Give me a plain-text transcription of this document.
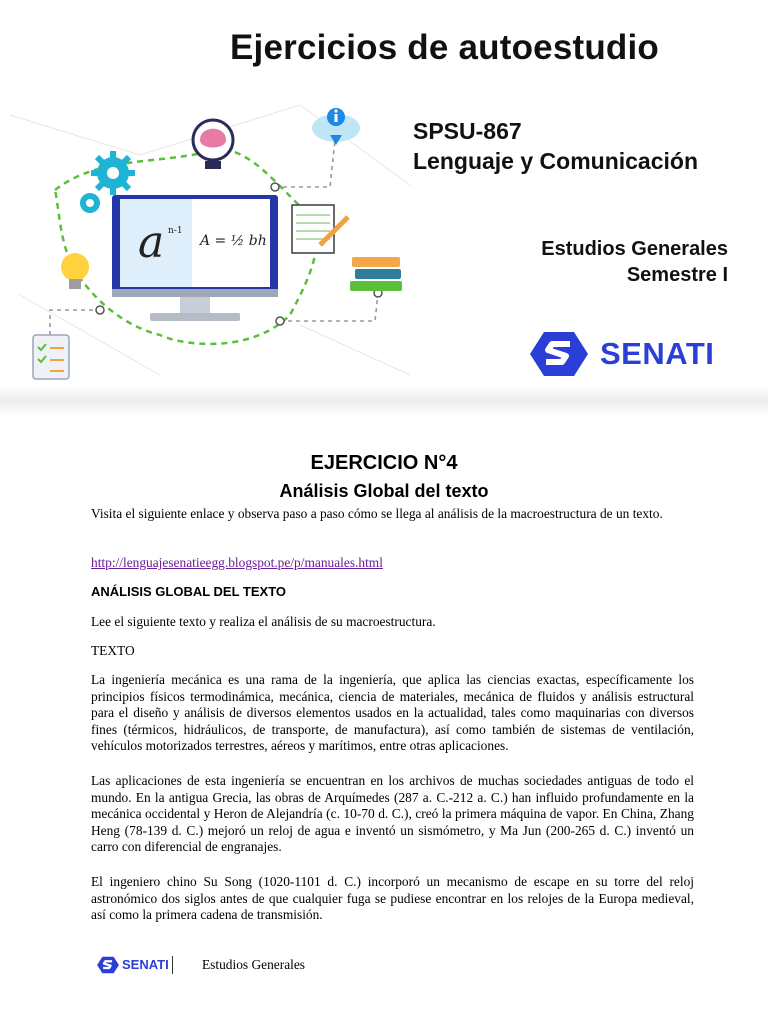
Ejercicios de autoestudio
a n-1
A = ½ bh
SPSU-867
Lenguaje y Comunicación
Estudios Generales
Semestre I
SENATI
EJERCICIO N°4
Análisis Global del texto
Visita el siguiente enlace y observa paso a paso cómo se llega al análisis de la macroestructura de un texto.
http://lenguajesenatieegg.blogspot.pe/p/manuales.html
ANÁLISIS GLOBAL DEL TEXTO
Lee el siguiente texto y realiza el análisis de su macroestructura.
TEXTO
La ingeniería mecánica es una rama de la ingeniería, que aplica las ciencias exactas, específicamente los principios físicos termodinámica, mecánica, ciencia de materiales, mecánica de fluidos y análisis estructural para el diseño y análisis de diversos elementos usados en la actualidad, tales como maquinarias con diversos fines (térmicos, hidráulicos, de transporte, de manufactura), así como también de sistemas de ventilación, vehículos motorizados terrestres, aéreos y marítimos, entre otras aplicaciones.
Las aplicaciones de esta ingeniería se encuentran en los archivos de muchas sociedades antiguas de todo el mundo. En la antigua Grecia, las obras de Arquímedes (287 a. C.-212 a. C.) han influido profundamente en la mecánica occidental y Heron de Alejandría (c. 10-70 d. C.), creó la primera máquina de vapor. En China, Zhang Heng (78-139 d. C.) mejoró un reloj de agua e inventó un sismómetro, y Ma Jun (200-265 d. C.) inventó un carro con diferencial de engranajes.
El ingeniero chino Su Song (1020-1101 d. C.) incorporó un mecanismo de escape en su torre del reloj astronómico dos siglos antes de que cualquier fuga se pudiese encontrar en los relojes de la Europa medieval, así como la primera cadena de transmisión.
SENATI Estudios Generales
